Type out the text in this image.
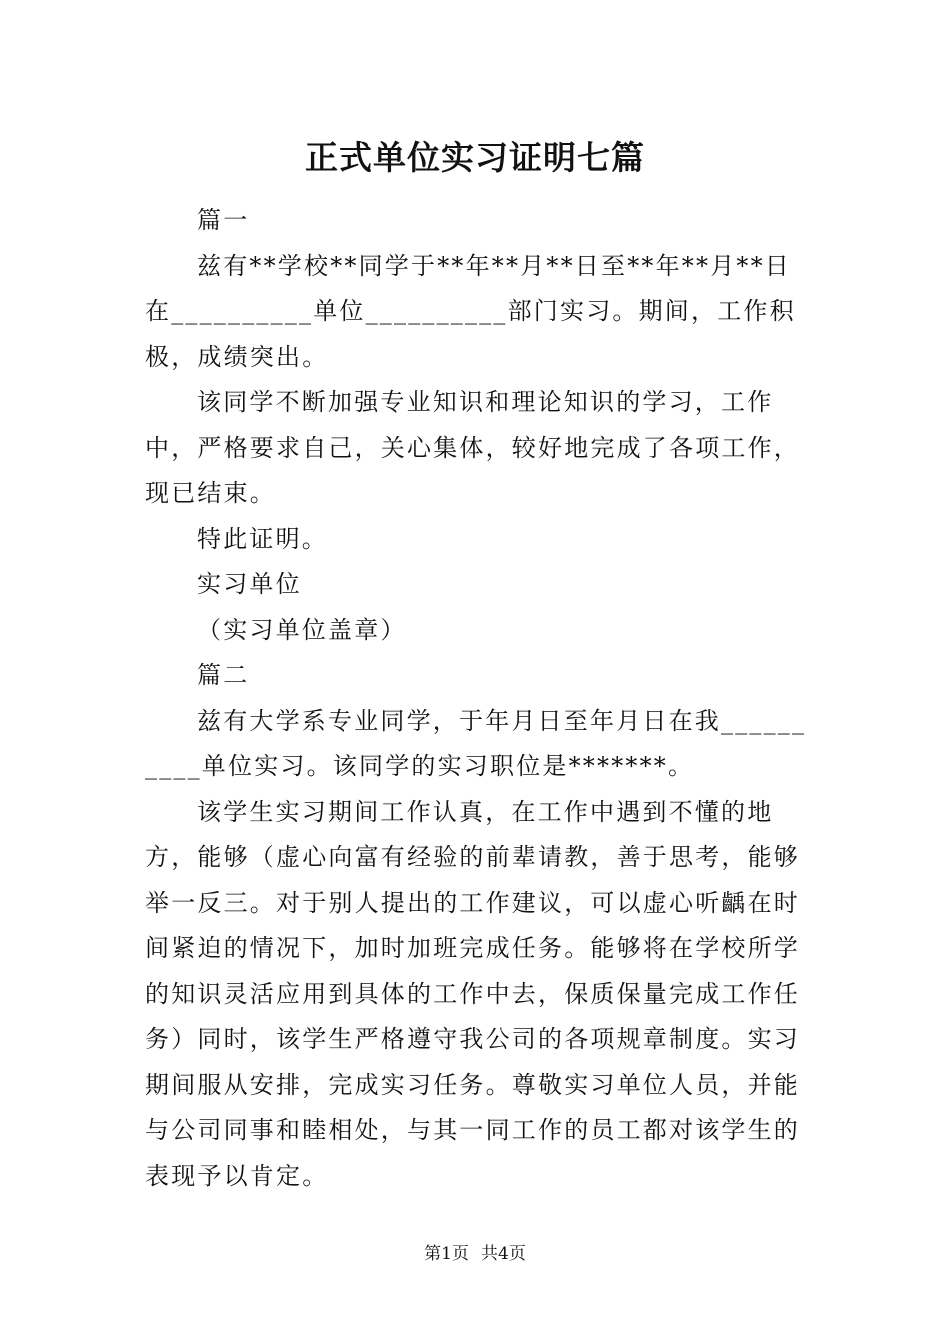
正式单位实习证明七篇

篇一

兹有**学校**同学于**年**月**日至**年**月**日在__________单位__________部门实习。期间，工作积极，成绩突出。

该同学不断加强专业知识和理论知识的学习，工作中，严格要求自己，关心集体，较好地完成了各项工作，现已结束。

特此证明。

实习单位

（实习单位盖章）

篇二

兹有大学系专业同学，于年月日至年月日在我__________单位实习。该同学的实习职位是*******。

该学生实习期间工作认真，在工作中遇到不懂的地方，能够（虚心向富有经验的前辈请教，善于思考，能够举一反三。对于别人提出的工作建议，可以虚心听齲在时间紧迫的情况下，加时加班完成任务。能够将在学校所学的知识灵活应用到具体的工作中去，保质保量完成工作任务）同时，该学生严格遵守我公司的各项规章制度。实习期间服从安排，完成实习任务。尊敬实习单位人员，并能与公司同事和睦相处，与其一同工作的员工都对该学生的表现予以肯定。

第1页 共4页
